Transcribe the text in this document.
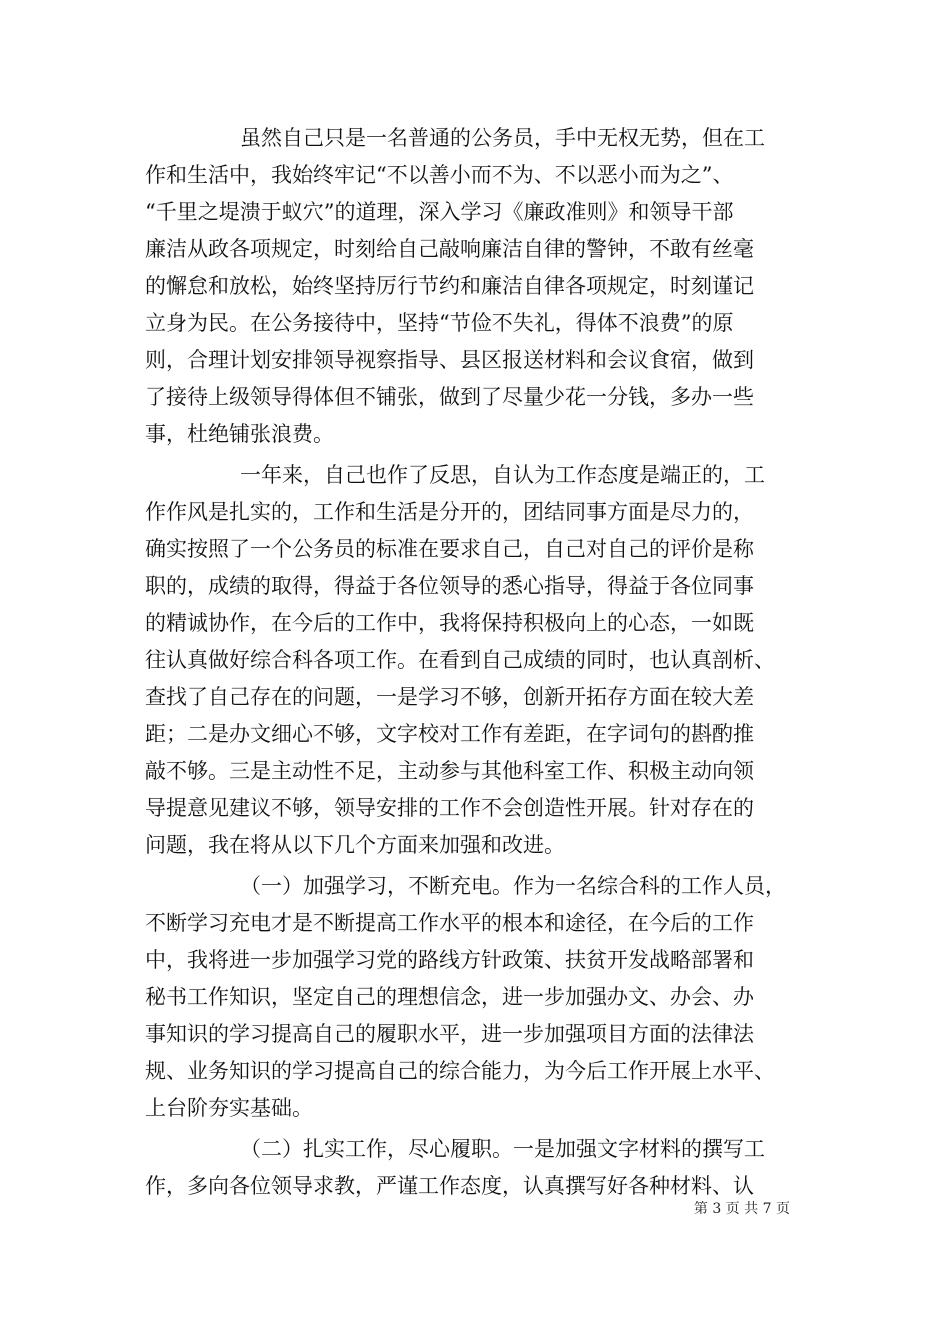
虽然自己只是一名普通的公务员，手中无权无势，但在工
作和生活中，我始终牢记“不以善小而不为、不以恶小而为之”、
“千里之堤溃于蚁穴”的道理，深入学习《廉政准则》和领导干部
廉洁从政各项规定，时刻给自己敲响廉洁自律的警钟，不敢有丝毫
的懈怠和放松，始终坚持厉行节约和廉洁自律各项规定，时刻谨记
立身为民。在公务接待中，坚持“节俭不失礼，得体不浪费”的原
则，合理计划安排领导视察指导、县区报送材料和会议食宿，做到
了接待上级领导得体但不铺张，做到了尽量少花一分钱，多办一些
事，杜绝铺张浪费。
一年来，自己也作了反思，自认为工作态度是端正的，工
作作风是扎实的，工作和生活是分开的，团结同事方面是尽力的，
确实按照了一个公务员的标准在要求自己，自己对自己的评价是称
职的，成绩的取得，得益于各位领导的悉心指导，得益于各位同事
的精诚协作，在今后的工作中，我将保持积极向上的心态，一如既
往认真做好综合科各项工作。在看到自己成绩的同时，也认真剖析、
查找了自己存在的问题，一是学习不够，创新开拓存方面在较大差
距；二是办文细心不够，文字校对工作有差距，在字词句的斟酌推
敲不够。三是主动性不足，主动参与其他科室工作、积极主动向领
导提意见建议不够，领导安排的工作不会创造性开展。针对存在的
问题，我在将从以下几个方面来加强和改进。
（一）加强学习，不断充电。作为一名综合科的工作人员，
不断学习充电才是不断提高工作水平的根本和途径，在今后的工作
中，我将进一步加强学习党的路线方针政策、扶贫开发战略部署和
秘书工作知识，坚定自己的理想信念，进一步加强办文、办会、办
事知识的学习提高自己的履职水平，进一步加强项目方面的法律法
规、业务知识的学习提高自己的综合能力，为今后工作开展上水平、
上台阶夯实基础。
（二）扎实工作，尽心履职。一是加强文字材料的撰写工
作，多向各位领导求教，严谨工作态度，认真撰写好各种材料、认
第 3 页 共 7 页
